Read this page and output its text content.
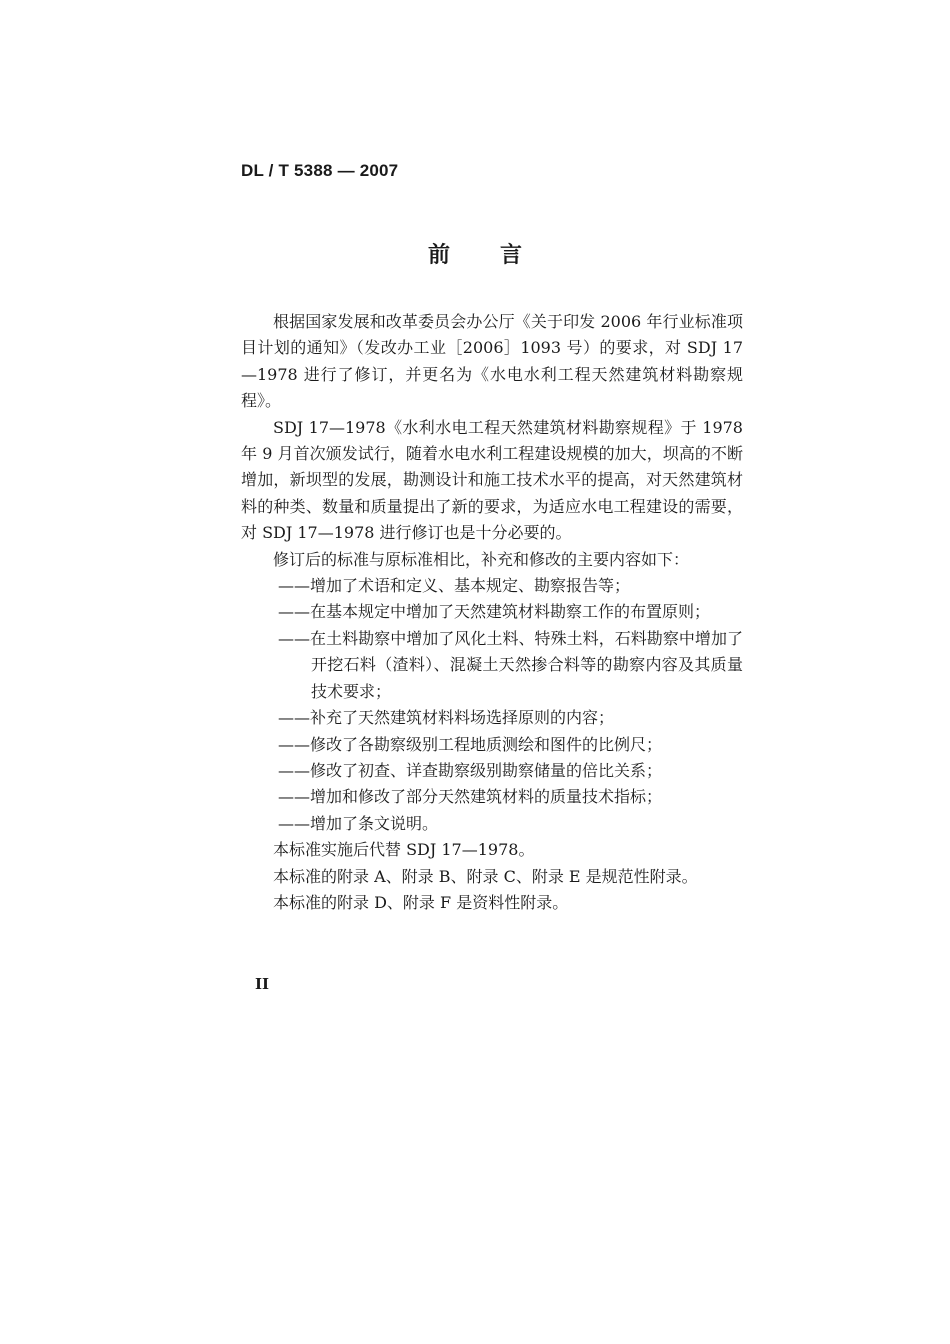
DL / T 5388 — 2007
前言

根据国家发展和改革委员会办公厅《关于印发 2006 年行业标准项目计划的通知》（发改办工业［2006］1093 号）的要求，对 SDJ 17—1978 进行了修订，并更名为《水电水利工程天然建筑材料勘察规程》。

SDJ 17—1978《水利水电工程天然建筑材料勘察规程》于 1978 年 9 月首次颁发试行，随着水电水利工程建设规模的加大，坝高的不断增加，新坝型的发展，勘测设计和施工技术水平的提高，对天然建筑材料的种类、数量和质量提出了新的要求，为适应水电工程建设的需要，对 SDJ 17—1978 进行修订也是十分必要的。

修订后的标准与原标准相比，补充和修改的主要内容如下：

——增加了术语和定义、基本规定、勘察报告等；

——在基本规定中增加了天然建筑材料勘察工作的布置原则；

——在土料勘察中增加了风化土料、特殊土料，石料勘察中增加了开挖石料（渣料）、混凝土天然掺合料等的勘察内容及其质量技术要求；

——补充了天然建筑材料料场选择原则的内容；

——修改了各勘察级别工程地质测绘和图件的比例尺；

——修改了初查、详查勘察级别勘察储量的倍比关系；

——增加和修改了部分天然建筑材料的质量技术指标；

——增加了条文说明。

本标准实施后代替 SDJ 17—1978。

本标准的附录 A、附录 B、附录 C、附录 E 是规范性附录。

本标准的附录 D、附录 F 是资料性附录。

II
